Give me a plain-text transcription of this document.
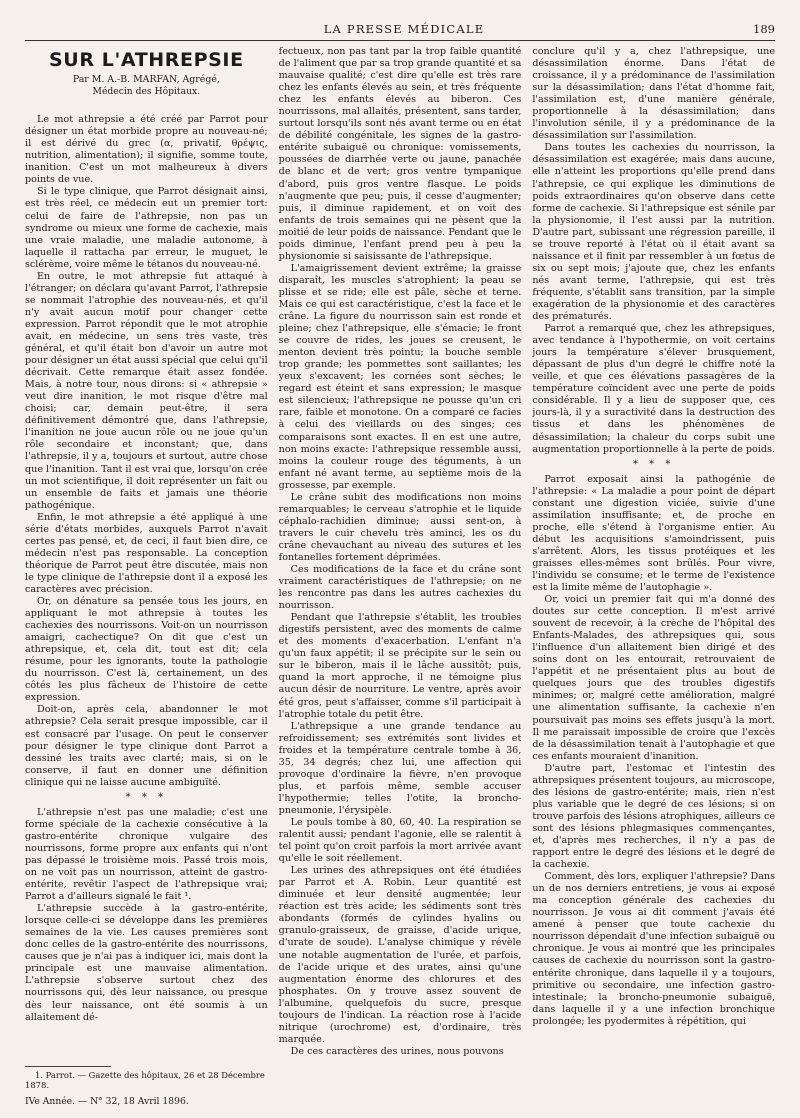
LA PRESSE MÉDICALE	189
SUR L'ATHREPSIE
Par M. A.-B. MARFAN, Agrégé,
Médecin des Hôpitaux.

Le mot athrepsie a été créé par Parrot pour désigner un état morbide propre au nouveau-né; il est dérivé du grec (α, privatif, θρέψις, nutrition, alimentation); il signifie, somme toute, inanition. C'est un mot malheureux à divers points de vue.

Si le type clinique, que Parrot désignait ainsi, est très réel, ce médecin eut un premier tort: celui de faire de l'athrepsie, non pas un syndrome ou mieux une forme de cachexie, mais une vraie maladie, une maladie autonome, à laquelle il rattacha par erreur, le muguet, le sclérème, voire même le tétanos du nouveau-né.

En outre, le mot athrepsie fut attaqué à l'étranger; on déclara qu'avant Parrot, l'athrepsie se nommait l'atrophie des nouveau-nés, et qu'il n'y avait aucun motif pour changer cette expression. Parrot répondit que le mot atrophie avait, en médecine, un sens très vaste, très général, et qu'il était bon d'avoir un autre mot pour désigner un état aussi spécial que celui qu'il décrivait. Cette remarque était assez fondée. Mais, à notre tour, nous dirons: si « athrepsie » veut dire inanition, le mot risque d'être mal choisi; car, demain peut-être, il sera définitivement démontré que, dans l'athrepsie, l'inanition ne joue aucun rôle ou ne joue qu'un rôle secondaire et inconstant; que, dans l'athrepsie, il y a, toujours et surtout, autre chose que l'inanition. Tant il est vrai que, lorsqu'on crée un mot scientifique, il doit représenter un fait ou un ensemble de faits et jamais une théorie pathogénique.

Enfin, le mot athrepsie a été appliqué à une série d'états morbides, auxquels Parrot n'avait certes pas pensé, et, de ceci, il faut bien dire, ce médecin n'est pas responsable. La conception théorique de Parrot peut être discutée, mais non le type clinique de l'athrepsie dont il a exposé les caractères avec précision.

Or, on dénature sa pensée tous les jours, en appliquant le mot athrepsie à toutes les cachexies des nourrissons. Voit-on un nourrisson amaigri, cachectique? On dit que c'est un athrepsique, et, cela dit, tout est dit; cela résume, pour les ignorants, toute la pathologie du nourrisson. C'est là, certainement, un des côtés les plus fâcheux de l'histoire de cette expression.

Doit-on, après cela, abandonner le mot athrepsie? Cela serait presque impossible, car il est consacré par l'usage. On peut le conserver pour désigner le type clinique dont Parrot a dessiné les traits avec clarté; mais, si on le conserve, il faut en donner une définition clinique qui ne laisse aucune ambiguïté.

* * *

L'athrepsie n'est pas une maladie; c'est une forme spéciale de la cachexie consécutive à la gastro-entérite chronique vulgaire des nourrissons, forme propre aux enfants qui n'ont pas dépassé le troisième mois. Passé trois mois, on ne voit pas un nourrisson, atteint de gastro-entérite, revêtir l'aspect de l'athrepsique vrai; Parrot a d'ailleurs signalé le fait ¹.

L'athrepsie succède à la gastro-entérite, lorsque celle-ci se développe dans les premières semaines de la vie. Les causes premières sont donc celles de la gastro-entérite des nourrissons, causes que je n'ai pas à indiquer ici, mais dont la principale est une mauvaise alimentation. L'athrepsie s'observe surtout chez des nourrissons qui, dès leur naissance, ou presque dès leur naissance, ont été soumis à un allaitement dé-

fectueux, non pas tant par la trop faible quantité de l'aliment que par sa trop grande quantité et sa mauvaise qualité; c'est dire qu'elle est très rare chez les enfants élevés au sein, et très fréquente chez les enfants élevés au biberon. Ces nourrissons, mal allaités, présentent, sans tarder, surtout lorsqu'ils sont nés avant terme ou en état de débilité congénitale, les signes de la gastro-entérite subaiguë ou chronique: vomissements, poussées de diarrhée verte ou jaune, panachée de blanc et de vert; gros ventre tympanique d'abord, puis gros ventre flasque. Le poids n'augmente que peu; puis, il cesse d'augmenter; puis, il diminue rapidement, et on voit des enfants de trois semaines qui ne pèsent que la moitié de leur poids de naissance. Pendant que le poids diminue, l'enfant prend peu à peu la physionomie si saisissante de l'athrepsique.

L'amaigrissement devient extrême; la graisse disparaît, les muscles s'atrophient; la peau se plisse et se ride; elle est pâle, sèche et terne. Mais ce qui est caractéristique, c'est la face et le crâne. La figure du nourrisson sain est ronde et pleine; chez l'athrepsique, elle s'émacie; le front se couvre de rides, les joues se creusent, le menton devient très pointu; la bouche semble trop grande; les pommettes sont saillantes; les yeux s'excavent; les cornées sont sèches; le regard est éteint et sans expression; le masque est silencieux; l'athrepsique ne pousse qu'un cri rare, faible et monotone. On a comparé ce facies à celui des vieillards ou des singes; ces comparaisons sont exactes. Il en est une autre, non moins exacte: l'athrepsique ressemble aussi, moins la couleur rouge des téguments, à un enfant né avant terme, au septième mois de la grossesse, par exemple.

Le crâne subit des modifications non moins remarquables; le cerveau s'atrophie et le liquide céphalo-rachidien diminue; aussi sent-on, à travers le cuir chevelu très aminci, les os du crâne chevauchant au niveau des sutures et les fontanelles fortement déprimées.

Ces modifications de la face et du crâne sont vraiment caractéristiques de l'athrepsie; on ne les rencontre pas dans les autres cachexies du nourrisson.

Pendant que l'athrepsie s'établit, les troubles digestifs persistent, avec des moments de calme et des moments d'exacerbation. L'enfant n'a qu'un faux appétit; il se précipite sur le sein ou sur le biberon, mais il le lâche aussitôt; puis, quand la mort approche, il ne témoigne plus aucun désir de nourriture. Le ventre, après avoir été gros, peut s'affaisser, comme s'il participait à l'atrophie totale du petit être.

L'athrepsique a une grande tendance au refroidissement; ses extrémités sont livides et froides et la température centrale tombe à 36, 35, 34 degrés; chez lui, une affection qui provoque d'ordinaire la fièvre, n'en provoque plus, et parfois même, semble accuser l'hypothermie; telles l'otite, la broncho-pneumonie, l'érysipèle.

Le pouls tombe à 80, 60, 40. La respiration se ralentit aussi; pendant l'agonie, elle se ralentit à tel point qu'on croit parfois la mort arrivée avant qu'elle le soit réellement.

Les urines des athrepsiques ont été étudiées par Parrot et A. Robin. Leur quantité est diminuée et leur densité augmentée; leur réaction est très acide; les sédiments sont très abondants (formés de cylindes hyalins ou granulo-graisseux, de graisse, d'acide urique, d'urate de soude). L'analyse chimique y révèle une notable augmentation de l'urée, et parfois, de l'acide urique et des urates, ainsi qu'une augmentation énorme des chlorures et des phosphates. On y trouve assez souvent de l'albumine, quelquefois du sucre, presque toujours de l'indican. La réaction rose à l'acide nitrique (urochrome) est, d'ordinaire, très marquée.

De ces caractères des urines, nous pouvons

conclure qu'il y a, chez l'athrepsique, une désassimilation énorme. Dans l'état de croissance, il y a prédominance de l'assimilation sur la désassimilation; dans l'état d'homme fait, l'assimilation est, d'une manière générale, proportionnelle à la désassimilation; dans l'involution sénile, il y a prédominance de la désassimilation sur l'assimilation.

Dans toutes les cachexies du nourrisson, la désassimilation est exagérée; mais dans aucune, elle n'atteint les proportions qu'elle prend dans l'athrepsie, ce qui explique les diminutions de poids extraordinaires qu'on observe dans cette forme de cachexie. Si l'athrepsique est sénile par la physionomie, il l'est aussi par la nutrition. D'autre part, subissant une régression pareille, il se trouve reporté à l'état où il était avant sa naissance et il finit par ressembler à un fœtus de six ou sept mois; j'ajoute que, chez les enfants nés avant terme, l'athrepsie, qui est très fréquente, s'établit sans transition, par la simple exagération de la physionomie et des caractères des prématurés.

Parrot a remarqué que, chez les athrepsiques, avec tendance à l'hypothermie, on voit certains jours la température s'élever brusquement, dépassant de plus d'un degré le chiffre noté la veille, et que ces élévations passagères de la température coïncident avec une perte de poids considérable. Il y a lieu de supposer que, ces jours-là, il y a suractivité dans la destruction des tissus et dans les phénomènes de désassimilation; la chaleur du corps subit une augmentation proportionnelle à la perte de poids.

* * *

Parrot exposait ainsi la pathogénie de l'athrepsie: « La maladie a pour point de départ constant une digestion viciée, suivie d'une assimilation insuffisante; et, de proche en proche, elle s'étend à l'organisme entier. Au début les acquisitions s'amoindrissent, puis s'arrêtent. Alors, les tissus protéiques et les graisses elles-mêmes sont brûlés. Pour vivre, l'individu se consume; et le terme de l'existence est la limite même de l'autophagie ».

Or, voici un premier fait qui m'a donné des doutes sur cette conception. Il m'est arrivé souvent de recevoir, à la crèche de l'hôpital des Enfants-Malades, des athrepsiques qui, sous l'influence d'un allaitement bien dirigé et des soins dont on les entourait, retrouvaient de l'appétit et ne présentaient plus au bout de quelques jours que des troubles digestifs minimes; or, malgré cette amélioration, malgré une alimentation suffisante, la cachexie n'en poursuivait pas moins ses effets jusqu'à la mort. Il me paraissait impossible de croire que l'excès de la désassimilation tenait à l'autophagie et que ces enfants mouraient d'inanition.

D'autre part, l'estomac et l'intestin des athrepsiques présentent toujours, au microscope, des lésions de gastro-entérite; mais, rien n'est plus variable que le degré de ces lésions; si on trouve parfois des lésions atrophiques, ailleurs ce sont des lésions phlegmasiques commençantes, et, d'après mes recherches, il n'y a pas de rapport entre le degré des lésions et le degré de la cachexie.

Comment, dès lors, expliquer l'athrepsie? Dans un de nos derniers entretiens, je vous ai exposé ma conception générale des cachexies du nourrisson. Je vous ai dit comment j'avais été amené à penser que toute cachexie du nourrisson dépendait d'une infection subaiguë ou chronique. Je vous ai montré que les principales causes de cachexie du nourrisson sont la gastro-entérite chronique, dans laquelle il y a toujours, primitive ou secondaire, une infection gastro-intestinale; la broncho-pneumonie subaiguë, dans laquelle il y a une infection bronchique prolongée; les pyodermites à répétition, qui

1. Parrot. — Gazette des hôpitaux, 26 et 28 Décembre 1878.
IVe Année. — N° 32, 18 Avril 1896.
